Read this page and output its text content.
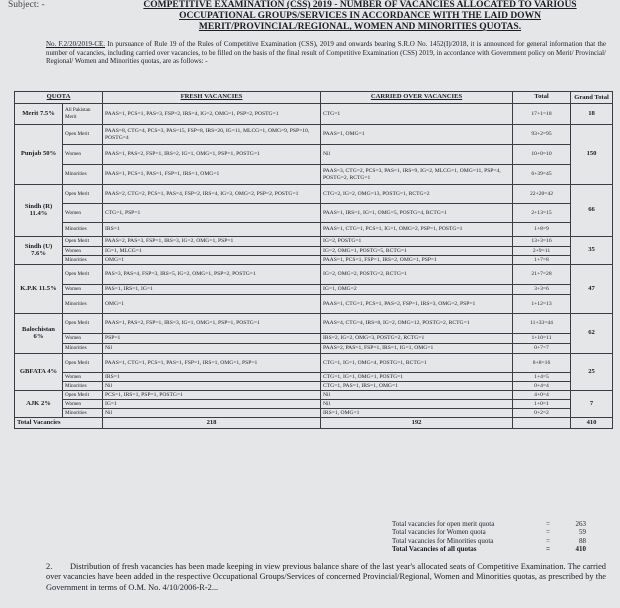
Subject: -	COMPETITIVE EXAMINATION (CSS) 2019 - NUMBER OF VACANCIES ALLOCATED TO VARIOUS OCCUPATIONAL GROUPS/SERVICES IN ACCORDANCE WITH THE LAID DOWN MERIT/PROVINCIAL/REGIONAL, WOMEN AND MINORITIES QUOTAS.
No. F.2/20/2019-CE. In pursuance of Rule 19 of the Rules of Competitive Examination (CSS), 2019 and onwards bearing S.R.O No. 1452(I)/2018, it is announced for general information that the number of vacancies, including carried over vacancies, to be filled on the basis of the final result of Competitive Examination (CSS) 2019, in accordance with Government policy on Merit/ Provincial/ Regional/ Women and Minorities quotas, are as follows: -
QUOTA		FRESH VACANCIES	CARRIED OVER VACANCIES	Total	Grand Total
Merit 7.5%	All Pakistan Merit	PAAS=1, PCS=1, PAS=3, FSP=2, IRS=4, IG=2, OMG=1, PSP=2, POSTG=1	CTG=1	17+1=18	18
Punjab 50%	Open Merit	PAAS=8, CTG=4, PCS=3, PAS=15, FSP=8, IRS=20, IG=11, MLCG=1, OMG=9, PSP=10, POSTG=4	PAAS=1, OMG=1	93+2=95	150
	Women	PAAS=1, PAS=2, FSP=1, IRS=2, IG=1, OMG=1, PSP=1, POSTG=1	Nil	10+0=10	
	Minorities	PAAS=1, PCS=1, PAS=1, FSP=1, IRS=1, OMG=1	PAAS=3, CTG=2, PCS=3, PAS=1, IRS=9, IG=2, MLCG=1, OMG=11, PSP=4, POSTG=2, RCTG=1	6+39=45	
Sindh (R) 11.4%	Open Merit	PAAS=2, CTG=2, PCS=1, PAS=4, FSP=2, IRS=4, IG=3, OMG=2, PSP=2, POSTG=1	CTG=2, IG=2, OMG=13, POSTG=1, RCTG=2	22+20=42	66
	Women	CTG=1, PSP=1	PAAS=1, IRS=1, IG=1, OMG=5, POSTG=4, RCTG=1	2+13=15	
	Minorities	IRS=1	PAAS=1, CTG=1, PCS=1, IG=1, OMG=2, PSP=1, POSTG=1	1+8=9	
Sindh (U) 7.6%	Open Merit	PAAS=2, PAS=3, FSP=1, IRS=3, IG=2, OMG=1, PSP=1	IG=2, POSTG=1	13+3=16	35
	Women	IG=1, MLCG=1	IG=2, OMG=1, POSTG=5, RCTG=1	2+9=11	
	Minorities	OMG=1	PAAS=1, PCS=1, FSP=1, IRS=2, OMG=1, PSP=1	1+7=8	
K.P.K 11.5%	Open Merit	PAS=3, PAS=4, FSP=3, IRS=5, IG=2, OMG=1, PSP=2, POSTG=1	IG=2, OMG=2, POSTG=2, RCTG=1	21+7=28	47
	Women	PAS=1, IRS=1, IG=1	IG=1, OMG=2	3+3=6	
	Minorities	OMG=1	PAAS=1, CTG=1, PCS=1, PAS=2, FSP=1, IRS=3, OMG=2, PSP=1	1+12=13	
Balochistan 6%	Open Merit	PAAS=1, PAS=2, FSP=1, IRS=3, IG=1, OMG=1, PSP=1, POSTG=1	PAAS=4, CTG=4, IRS=8, IG=2, OMG=12, POSTG=2, RCTG=1	11+33=44	62
	Women	PSP=1	IRS=2, IG=2, OMG=3, POSTG=2, RCTG=1	1+10=11	
	Minorities	Nil	PAAS=2, PAS=1, FSP=1, IRS=1, IG=1, OMG=1	0+7=7	
GBFATA 4%	Open Merit	PAAS=1, CTG=1, PCS=1, PAS=1, FSP=1, IRS=1, OMG=1, PSP=1	CTG=1, IG=1, OMG=4, POSTG=1, RCTG=1	8+8=16	25
	Women	IRS=1	CTG=1, IG=1, OMG=1, POSTG=1	1+4=5	
	Minorities	Nil	CTG=1, PAS=1, IRS=1, OMG=1	0+4=4	
AJK 2%	Open Merit	PCS=1, IRS=1, PSP=1, POSTG=1	Nil	4+0=4	7
	Women	IG=1	Nil	1+0=1	
	Minorities	Nil	IRS=1, OMG=1	0+2=2	
Total Vacancies		218	192		410
Total vacancies for open merit quota	=	263
Total vacancies for Women quota	=	59
Total vacancies for Minorities quota	=	88
Total Vacancies of all quotas	=	410
2. Distribution of fresh vacancies has been made keeping in view previous balance share of the last year's allocated seats of Competitive Examination. The carried over vacancies have been added in the respective Occupational Groups/Services of concerned Provincial/Regional, Women and Minorities quotas, as prescribed by the Government in terms of O.M. No. 4/10/2006-R-2...
